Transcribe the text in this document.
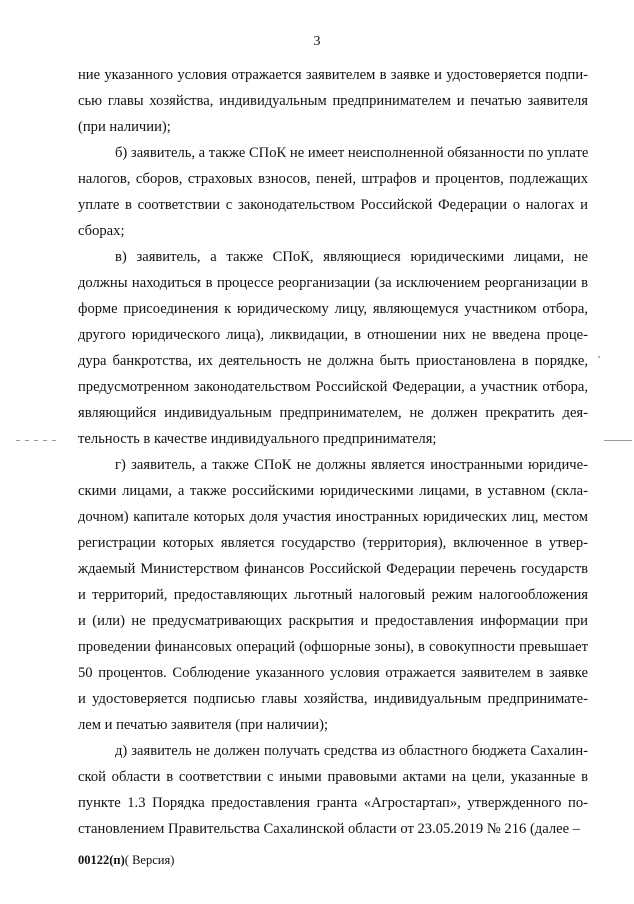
3

ние указанного условия отражается заявителем в заявке и удостоверяется подпи-

сью главы хозяйства, индивидуальным предпринимателем и печатью заявителя

(при наличии);

б) заявитель, а также СПоК не имеет неисполненной обязанности по уплате

налогов, сборов, страховых взносов, пеней, штрафов и процентов, подлежащих

уплате в соответствии с законодательством Российской Федерации о налогах и

сборах;

в) заявитель, а также СПоК, являющиеся юридическими лицами, не

должны находиться в процессе реорганизации (за исключением реорганизации в

форме присоединения к юридическому лицу, являющемуся участником отбора,

другого юридического лица), ликвидации, в отношении них не введена проце-

дура банкротства, их деятельность не должна быть приостановлена в порядке,

предусмотренном законодательством Российской Федерации, а участник отбора,

являющийся индивидуальным предпринимателем, не должен прекратить дея-

тельность в качестве индивидуального предпринимателя;

г) заявитель, а также СПоК не должны является иностранными юридиче-

скими лицами, а также российскими юридическими лицами, в уставном (скла-

дочном) капитале которых доля участия иностранных юридических лиц, местом

регистрации которых является государство (территория), включенное в утвер-

ждаемый Министерством финансов Российской Федерации перечень государств

и территорий, предоставляющих льготный налоговый режим налогообложения

и (или) не предусматривающих раскрытия и предоставления информации при

проведении финансовых операций (офшорные зоны), в совокупности превышает

50 процентов. Соблюдение указанного условия отражается заявителем в заявке

и удостоверяется подписью главы хозяйства, индивидуальным предпринимате-

лем и печатью заявителя (при наличии);

д) заявитель не должен получать средства из областного бюджета Сахалин-

ской области в соответствии с иными правовыми актами на цели, указанные в

пункте 1.3 Порядка предоставления гранта «Агростартап», утвержденного по-

становлением Правительства Сахалинской области от 23.05.2019 № 216 (далее –

00122(п)( Версия)
